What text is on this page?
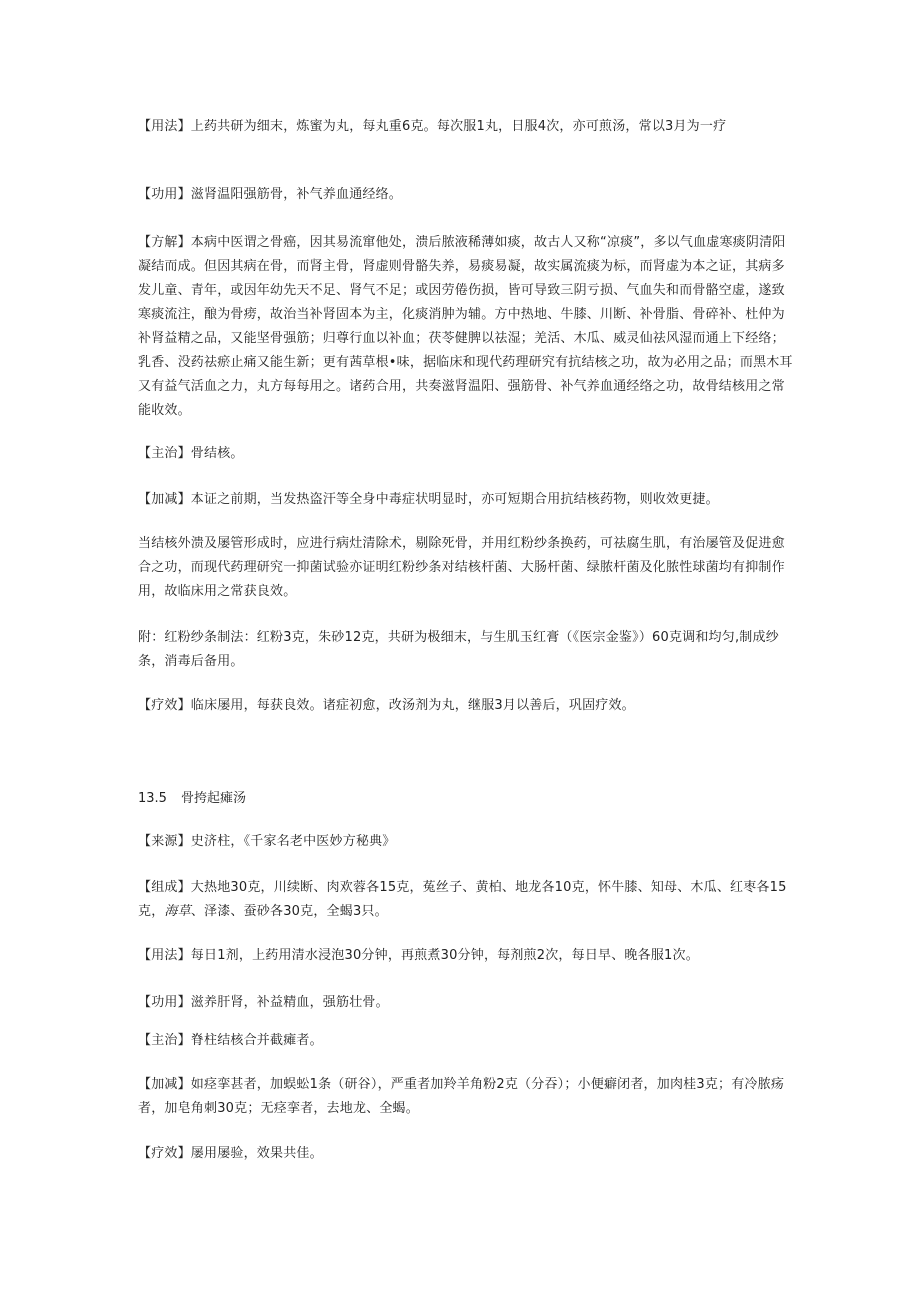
【用法】上药共研为细末，炼蜜为丸，每丸重6克。每次服1丸，日服4次，亦可煎汤，常以3月为一疗

【功用】滋肾温阳强筋骨，补气养血通经络。

【方解】本病中医谓之骨癌，因其易流窜他处，溃后脓液稀薄如痰，故古人又称“凉痰”，多以气血虚寒痰阴清阳凝结而成。但因其病在骨，而肾主骨，肾虚则骨骼失养，易痰易凝，故实属流痰为标，而肾虚为本之证，其病多发儿童、青年，或因年幼先天不足、肾气不足；或因劳倦伤损，皆可导致三阴亏损、气血失和而骨骼空虚，遂致寒痰流注，酿为骨痨，故治当补肾固本为主，化痰消肿为辅。方中热地、牛膝、川断、补骨脂、骨碎补、杜仲为补肾益精之品，又能坚骨强筋；归尊行血以补血；茯苓健脾以祛湿；羌活、木瓜、威灵仙祛风湿而通上下经络；乳香、没药祛瘀止痛又能生新；更有茜草根•味，据临床和现代药理研究有抗结核之功，故为必用之品；而黑木耳又有益气活血之力，丸方每每用之。诸药合用，共奏滋肾温阳、强筋骨、补气养血通经络之功，故骨结核用之常能收效。

【主治】骨结核。

【加减】本证之前期，当发热盗汗等全身中毒症状明显时，亦可短期合用抗结核药物，则收效更捷。

当结核外溃及屡管形成时，应进行病灶清除术，剔除死骨，并用红粉纱条换药，可祛腐生肌，有治屡管及促进愈合之功，而现代药理研究一抑菌试验亦证明红粉纱条对结核杆菌、大肠杆菌、绿脓杆菌及化脓性球菌均有抑制作用，故临床用之常获良效。

附：红粉纱条制法：红粉3克，朱砂12克，共研为极细末，与生肌玉红膏（《医宗金鉴》）60克调和均匀,制成纱条，消毒后备用。

【疗效】临床屡用，每获良效。诸症初愈，改汤剂为丸，继服3月以善后，巩固疗效。

13.5 骨挎起瘫汤

【来源】史济柱，《千家名老中医妙方秘典》

【组成】大热地30克，川续断、肉欢蓉各15克，菟丝子、黄柏、地龙各10克，怀牛膝、知母、木瓜、红枣各15克，海草、泽漆、蚕砂各30克，全蝎3只。

【用法】每日1剂，上药用清水浸泡30分钟，再煎煮30分钟，每剂煎2次，每日早、晚各服1次。

【功用】滋养肝肾，补益精血，强筋壮骨。

【主治】脊柱结核合并截瘫者。

【加减】如痉挛甚者，加蜈蚣1条（研谷），严重者加羚羊角粉2克（分吞）；小便癖闭者，加肉桂3克；有冷脓疡者，加皂角刺30克；无痉挛者，去地龙、全蝎。

【疗效】屡用屡验，效果共佳。
